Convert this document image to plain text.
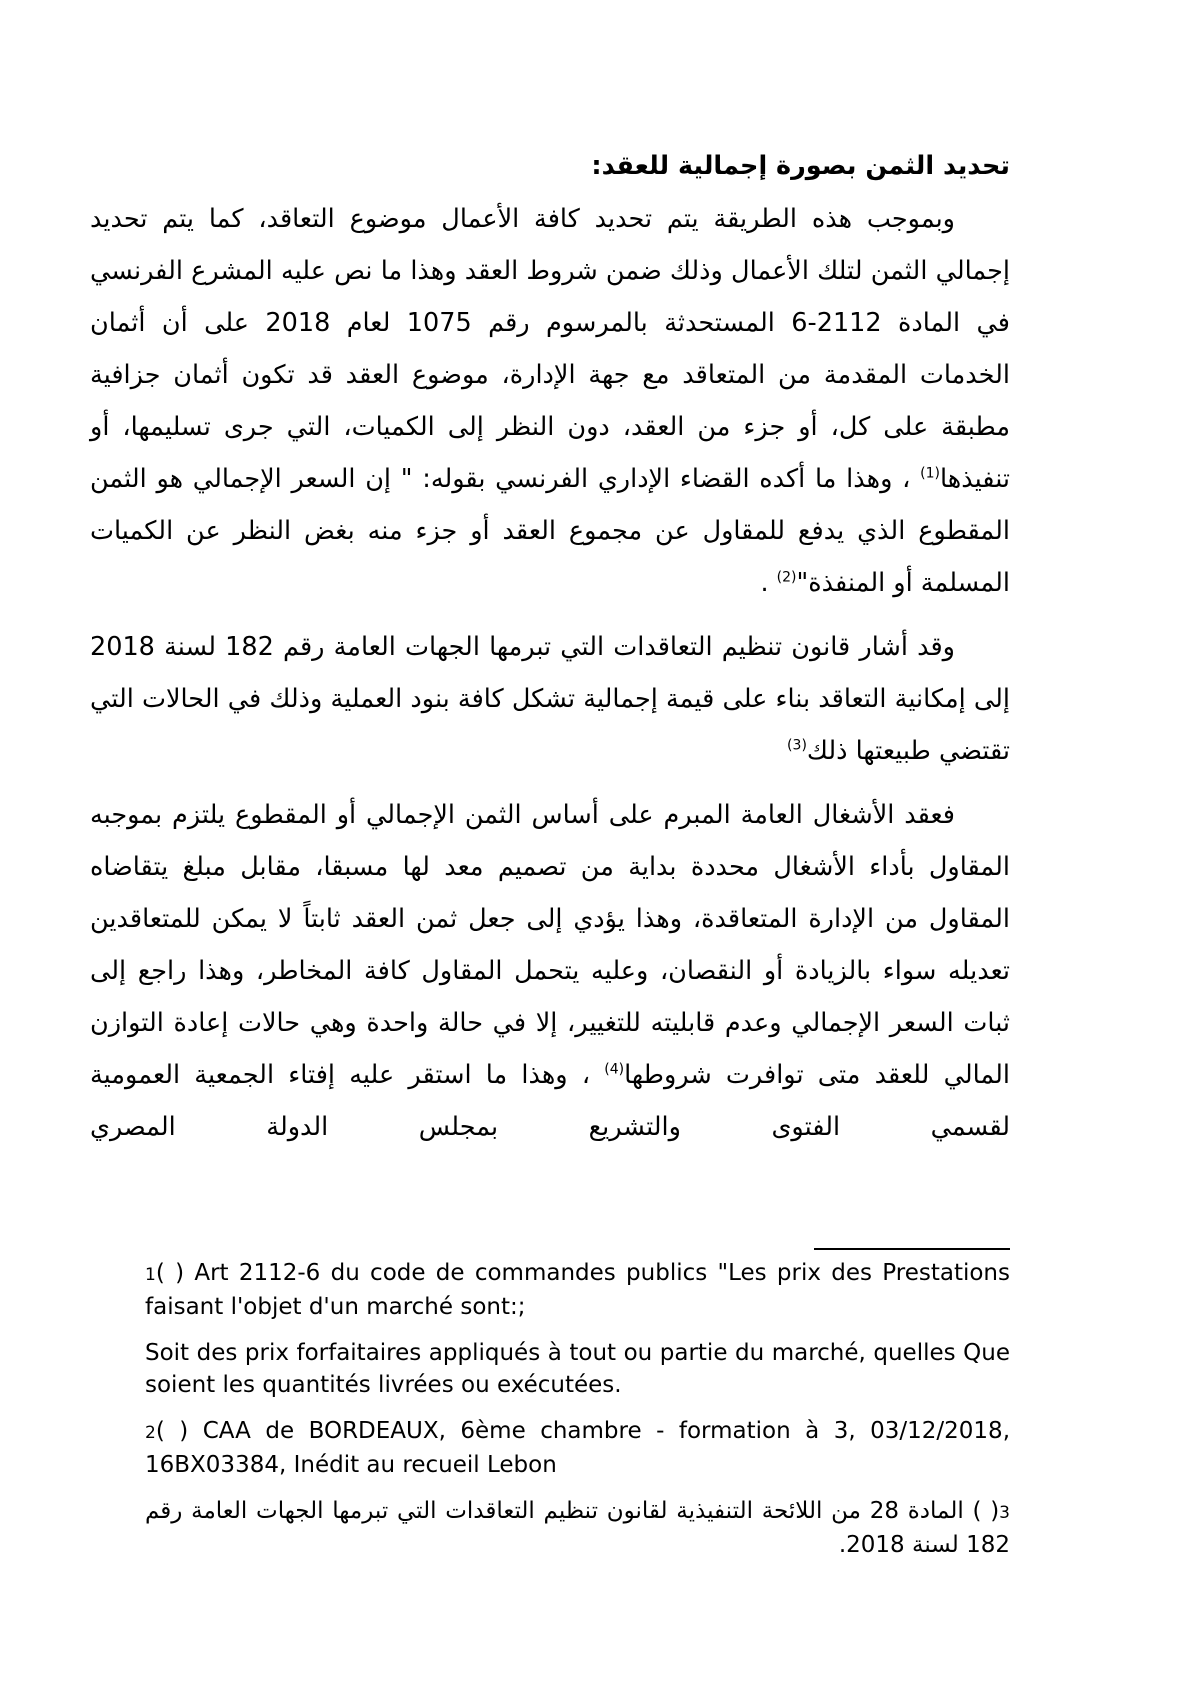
تحديد الثمن بصورة إجمالية للعقد:

وبموجب هذه الطريقة يتم تحديد كافة الأعمال موضوع التعاقد، كما يتم تحديد إجمالي الثمن لتلك الأعمال وذلك ضمن شروط العقد وهذا ما نص عليه المشرع الفرنسي في المادة 2112-6 المستحدثة بالمرسوم رقم 1075 لعام 2018 على أن أثمان الخدمات المقدمة من المتعاقد مع جهة الإدارة، موضوع العقد قد تكون أثمان جزافية مطبقة على كل، أو جزء من العقد، دون النظر إلى الكميات، التي جرى تسليمها، أو تنفيذها$^{(1)}$ ، وهذا ما أكده القضاء الإداري الفرنسي بقوله: " إن السعر الإجمالي هو الثمن المقطوع الذي يدفع للمقاول عن مجموع العقد أو جزء منه بغض النظر عن الكميات المسلمة أو المنفذة"$^{(2)}$ .

وقد أشار قانون تنظيم التعاقدات التي تبرمها الجهات العامة رقم 182 لسنة 2018 إلى إمكانية التعاقد بناء على قيمة إجمالية تشكل كافة بنود العملية وذلك في الحالات التي تقتضي طبيعتها ذلك$^{(3)}$

فعقد الأشغال العامة المبرم على أساس الثمن الإجمالي أو المقطوع يلتزم بموجبه المقاول بأداء الأشغال محددة بداية من تصميم معد لها مسبقا، مقابل مبلغ يتقاضاه المقاول من الإدارة المتعاقدة، وهذا يؤدي إلى جعل ثمن العقد ثابتاً لا يمكن للمتعاقدين تعديله سواء بالزيادة أو النقصان، وعليه يتحمل المقاول كافة المخاطر، وهذا راجع إلى ثبات السعر الإجمالي وعدم قابليته للتغيير، إلا في حالة واحدة وهي حالات إعادة التوازن المالي للعقد متى توافرت شروطها$^{(4)}$ ، وهذا ما استقر عليه إفتاء الجمعية العمومية لقسمي الفتوى والتشريع بمجلس الدولة المصري

1( ) Art 2112-6 du code de commandes publics "Les prix des Prestations faisant l'objet d'un marché sont:;

Soit des prix forfaitaires appliqués à tout ou partie du marché, quelles Que soient les quantités livrées ou exécutées.

2( ) CAA de BORDEAUX, 6ème chambre - formation à 3, 03/12/2018, 16BX03384, Inédit au recueil Lebon

3( ) المادة 28 من اللائحة التنفيذية لقانون تنظيم التعاقدات التي تبرمها الجهات العامة رقم 182 لسنة 2018.
